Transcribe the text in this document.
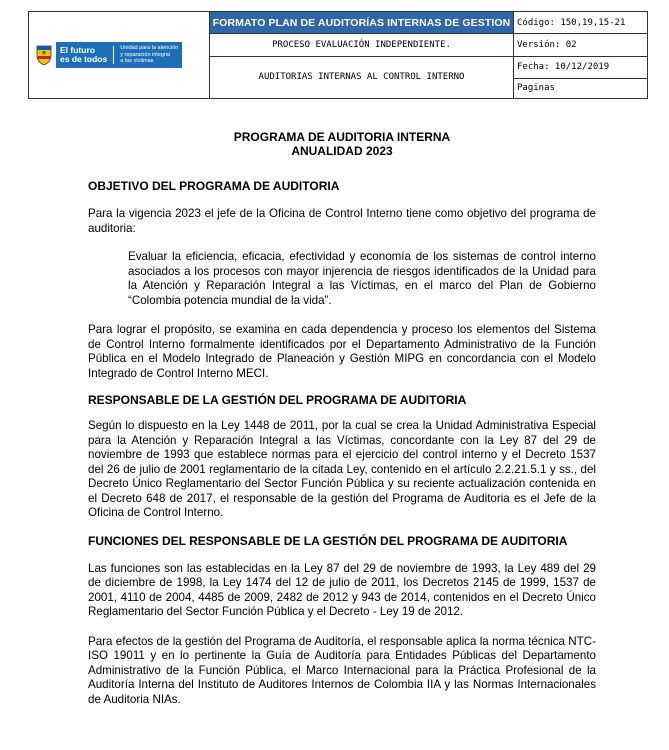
El futuro
es de todos
Unidad para la atención
y reparación integral
a las víctimas	FORMATO PLAN DE AUDITORÍAS INTERNAS DE GESTION	Código: 150,19,15-21
	PROCESO EVALUACIÓN INDEPENDIENTE.	Versión: 02
	AUDITORIAS INTERNAS AL CONTROL INTERNO	Fecha: 10/12/2019
		Paginas
PROGRAMA DE AUDITORIA INTERNA
ANUALIDAD 2023
OBJETIVO DEL PROGRAMA DE AUDITORIA
Para la vigencia 2023 el jefe de la Oficina de Control Interno tiene como objetivo del programa de auditoria:
Evaluar la eficiencia, eficacia, efectividad y economía de los sistemas de control interno asociados a los procesos con mayor injerencia de riesgos identificados de la Unidad para la Atención y Reparación Integral a las Víctimas, en el marco del Plan de Gobierno “Colombia potencia mundial de la vida”.
Para lograr el propósito, se examina en cada dependencia y proceso los elementos del Sistema de Control Interno formalmente identificados por el Departamento Administrativo de la Función Pública en el Modelo Integrado de Planeación y Gestión MIPG en concordancia con el Modelo Integrado de Control Interno MECI.
RESPONSABLE DE LA GESTIÓN DEL PROGRAMA DE AUDITORIA
Según lo dispuesto en la Ley 1448 de 2011, por la cual se crea la Unidad Administrativa Especial para la Atención y Reparación Integral a las Víctimas, concordante con la Ley 87 del 29 de noviembre de 1993 que establece normas para el ejercicio del control interno y el Decreto 1537 del 26 de julio de 2001 reglamentario de la citada Ley, contenido en el artículo 2.2.21.5.1 y ss., del Decreto Único Reglamentario del Sector Función Pública y su reciente actualización contenida en el Decreto 648 de 2017, el responsable de la gestión del Programa de Auditoria es el Jefe de la Oficina de Control Interno.
FUNCIONES DEL RESPONSABLE DE LA GESTIÓN DEL PROGRAMA DE AUDITORIA
Las funciones son las establecidas en la Ley 87 del 29 de noviembre de 1993, la Ley 489 del 29 de diciembre de 1998, la Ley 1474 del 12 de julio de 2011, los Decretos 2145 de 1999, 1537 de 2001, 4110 de 2004, 4485 de 2009, 2482 de 2012 y 943 de 2014, contenidos en el Decreto Único Reglamentario del Sector Función Pública y el Decreto - Ley 19 de 2012.
Para efectos de la gestión del Programa de Auditoría, el responsable aplica la norma técnica NTC-ISO 19011 y en lo pertinente la Guía de Auditoría para Entidades Públicas del Departamento Administrativo de la Función Pública, el Marco Internacional para la Práctica Profesional de la Auditoría Interna del Instituto de Auditores Internos de Colombia IIA y las Normas Internacionales de Auditoria NIAs.
